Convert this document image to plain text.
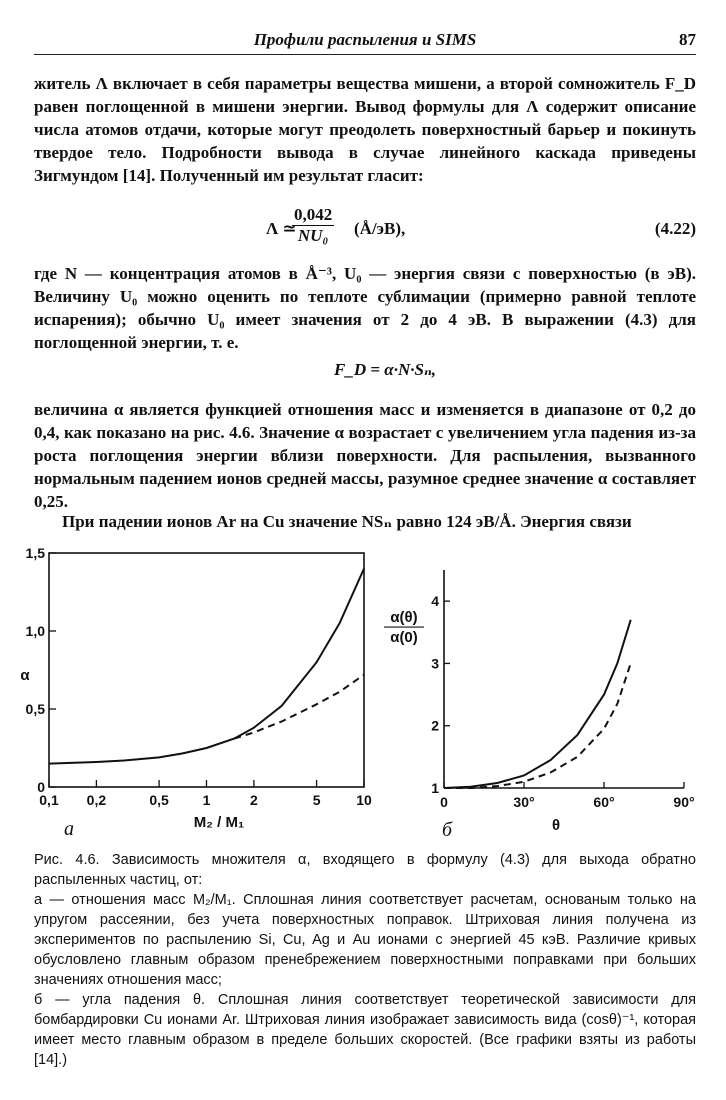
Профили распыления и SIMS	87
житель Λ включает в себя параметры вещества мишени, а второй сомножитель F_D равен поглощенной в мишени энергии. Вывод формулы для Λ содержит описание числа атомов отдачи, которые могут преодолеть поверхностный барьер и покинуть твердое тело. Подробности вывода в случае линейного каскада приведены Зигмундом [14]. Полученный им результат гласит:
Λ ≃
$\frac{0,042}{\text{NU₀}}$ (Å/эВ),	(4.22)
где N — концентрация атомов в Å⁻³, U₀ — энергия связи с поверхностью (в эВ). Величину U₀ можно оценить по теплоте сублимации (примерно равной теплоте испарения); обычно U₀ имеет значения от 2 до 4 эВ. В выражении (4.3) для поглощенной энергии, т. е.
F_D = α·N·Sₙ,
величина α является функцией отношения масс и изменяется в диапазоне от 0,2 до 0,4, как показано на рис. 4.6. Значение α возрастает с увеличением угла падения из-за роста поглощения энергии вблизи поверхности. Для распыления, вызванного нормальным падением ионов средней массы, разумное среднее значение α составляет 0,25.
При падении ионов Ar на Cu значение NSₙ равно 124 эВ/Å. Энергия связи
0,1 0,2	0,5 1	2	5	10
0
0,5
1,0
1,5
α
M₂ / M₁
а
0	30°	60°	90°
1
2
3
4
α(θ)
α(0)
θ
б

Рис. 4.6. Зависимость множителя α, входящего в формулу (4.3) для выхода обратно распыленных частиц, от:

а — отношения масс M₂/M₁. Сплошная линия соответствует расчетам, основаным только на упругом рассеянии, без учета поверхностных поправок. Штриховая линия получена из экспериментов по распылению Si, Cu, Ag и Au ионами с энергией 45 кэВ. Различие кривых обусловлено главным образом пренебрежением поверхностными поправками при больших значениях отношения масс;

б — угла падения θ. Сплошная линия соответствует теоретической зависимости для бомбардировки Cu ионами Ar. Штриховая линия изображает зависимость вида (cosθ)⁻¹, которая имеет место главным образом в пределе больших скоростей. (Все графики взяты из работы [14].)
